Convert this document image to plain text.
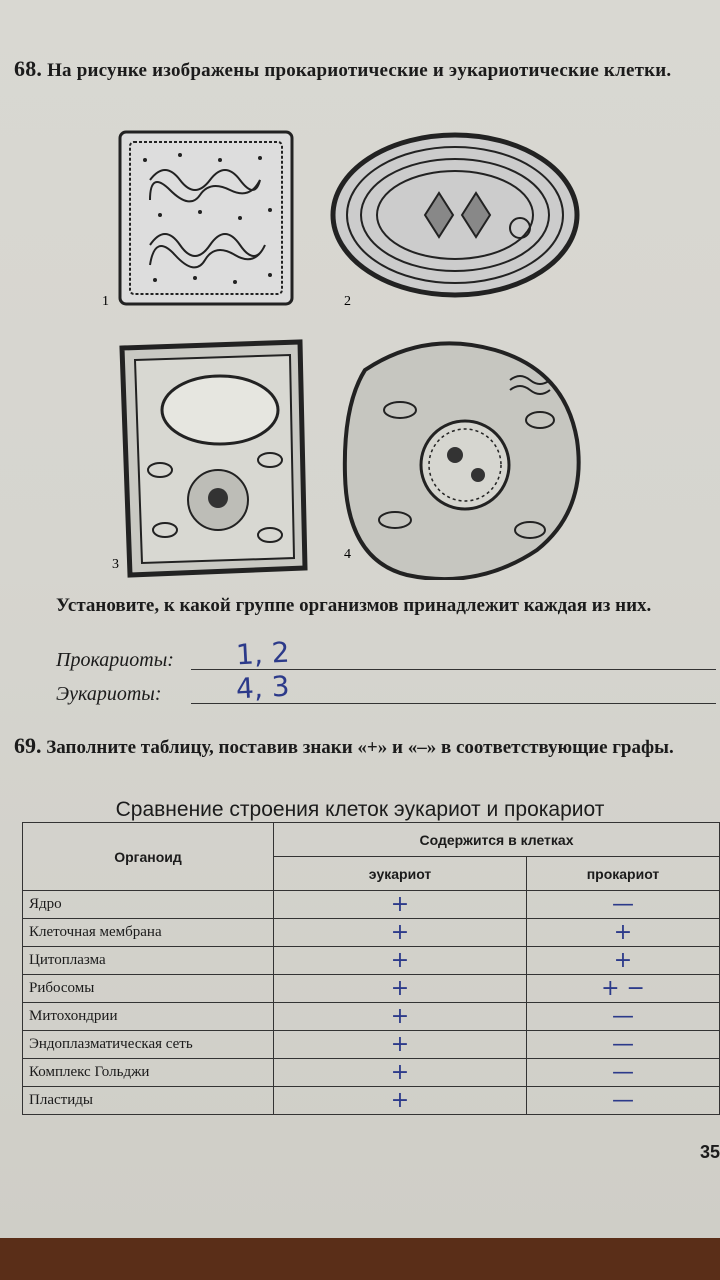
68. На рисунке изображены прокариотические и эукариотические клетки.
1	2
3
4
Установите, к какой группе организмов принадлежит каждая из них.
Прокариоты: 1, 2
Эукариоты:	4, 3
69. Заполните таблицу, поставив знаки «+» и «–» в соответствующие графы.
Сравнение строения клеток эукариот и прокариот
Органоид	Содержится в клетках	
	эукариот	прокариот
Ядро	+	—
Клеточная мембрана	+	+
Цитоплазма	+	+
Рибосомы	+	+ −
Митохондрии	+	—
Эндоплазматическая сеть	+	—
Комплекс Гольджи	+	—
Пластиды	+	—
35
